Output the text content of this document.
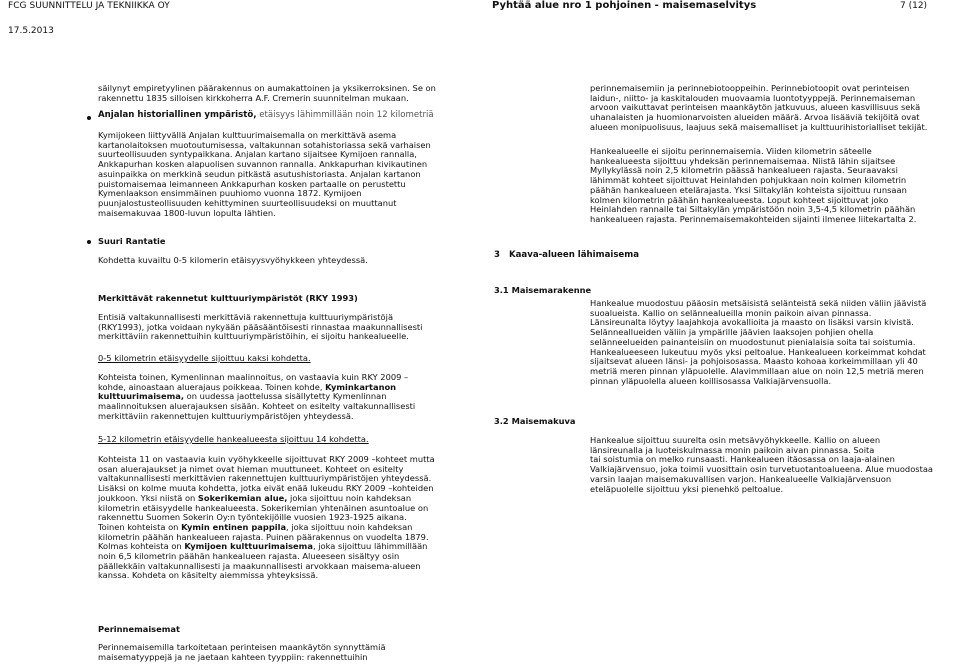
FCG SUUNNITTELU JA TEKNIIKKA OY	Pyhtää alue nro 1 pohjoinen - maisemaselvitys	7 (12)
17.5.2013
säilynyt empiretyylinen päärakennus on aumakattoinen ja yksikerroksinen. Se on
rakennettu 1835 silloisen kirkkoherra A.F. Cremerin suunnitelman mukaan.
Anjalan historiallinen ympäristö, etäisyys lähimmillään noin 12 kilometriä
Kymijokeen liittyvällä Anjalan kulttuurimaisemalla on merkittävä asema
kartanolaitoksen muotoutumisessa, valtakunnan sotahistoriassa sekä varhaisen
suurteollisuuden syntypaikkana. Anjalan kartano sijaitsee Kymijoen rannalla,
Ankkapurhan kosken alapuolisen suvannon rannalla. Ankkapurhan kivikautinen
asuinpaikka on merkkinä seudun pitkästä asutushistoriasta. Anjalan kartanon
puistomaisemaa leimanneen Ankkapurhan kosken partaalle on perustettu
Kymenlaakson ensimmäinen puuhiomo vuonna 1872. Kymijoen
puunjalostusteollisuuden kehittyminen suurteollisuudeksi on muuttanut
maisemakuvaa 1800-luvun lopulta lähtien.
Suuri Rantatie
Kohdetta kuvailtu 0-5 kilomerin etäisyysvyöhykkeen yhteydessä.
Merkittävät rakennetut kulttuuriympäristöt (RKY 1993)
Entisiä valtakunnallisesti merkittäviä rakennettuja kulttuuriympäristöjä
(RKY1993), jotka voidaan nykyään pääsääntöisesti rinnastaa maakunnallisesti
merkittäviin rakennettuihin kulttuuriympäristöihin, ei sijoitu hankealueelle.
0-5 kilometrin etäisyydelle sijoittuu kaksi kohdetta.
Kohteista toinen, Kymenlinnan maalinnoitus, on vastaavia kuin RKY 2009 –
kohde, ainoastaan aluerajaus poikkeaa. Toinen kohde, Kyminkartanon
kulttuurimaisema, on uudessa jaottelussa sisällytetty Kymenlinnan
maalinnoituksen aluerajauksen sisään. Kohteet on esitelty valtakunnallisesti
merkittäviin rakennettujen kulttuuriympäristöjen yhteydessä.
5-12 kilometrin etäisyydelle hankealueesta sijoittuu 14 kohdetta.
Kohteista 11 on vastaavia kuin vyöhykkeelle sijoittuvat RKY 2009 –kohteet mutta
osan aluerajaukset ja nimet ovat hieman muuttuneet. Kohteet on esitelty
valtakunnallisesti merkittävien rakennettujen kulttuuriympäristöjen yhteydessä.
Lisäksi on kolme muuta kohdetta, jotka eivät enää lukeudu RKY 2009 –kohteiden
joukkoon. Yksi niistä on Sokerikemian alue, joka sijoittuu noin kahdeksan
kilometrin etäisyydelle hankealueesta. Sokerikemian yhtenäinen asuntoalue on
rakennettu Suomen Sokerin Oy:n työntekijöille vuosien 1923-1925 aikana.
Toinen kohteista on Kymin entinen pappila, joka sijoittuu noin kahdeksan
kilometrin päähän hankealueen rajasta. Puinen päärakennus on vuodelta 1879.
Kolmas kohteista on Kymijoen kulttuurimaisema, joka sijoittuu lähimmillään
noin 6,5 kilometrin päähän hankealueen rajasta. Alueeseen sisältyy osin
päällekkäin valtakunnallisesti ja maakunnallisesti arvokkaan maisema-alueen
kanssa. Kohdeta on käsitelty aiemmissa yhteyksissä.
Perinnemaisemat
Perinnemaisemilla tarkoitetaan perinteisen maankäytön synnyttämiä
maisematyyppejä ja ne jaetaan kahteen tyyppiin: rakennettuihin
perinnemaisemiin ja perinnebiotooppeihin. Perinnebiotoopit ovat perinteisen
laidun-, niitto- ja kaskitalouden muovaamia luontotyyppejä. Perinnemaiseman
arvoon vaikuttavat perinteisen maankäytön jatkuvuus, alueen kasvillisuus sekä
uhanalaisten ja huomionarvoisten alueiden määrä. Arvoa lisääviä tekijöitä ovat
alueen monipuolisuus, laajuus sekä maisemalliset ja kulttuurihistorialliset tekijät.
Hankealueelle ei sijoitu perinnemaisemia. Viiden kilometrin säteelle
hankealueesta sijoittuu yhdeksän perinnemaisemaa. Niistä lähin sijaitsee
Myllykylässä noin 2,5 kilometrin päässä hankealueen rajasta. Seuraavaksi
lähimmät kohteet sijoittuvat Heinlahden pohjukkaan noin kolmen kilometrin
päähän hankealueen etelärajasta. Yksi Siltakylän kohteista sijoittuu runsaan
kolmen kilometrin päähän hankealueesta. Loput kohteet sijoittuvat joko
Heinlahden rannalle tai Siltakylän ympäristöön noin 3,5-4,5 kilometrin päähän
hankealueen rajasta. Perinnemaisemakohteiden sijainti ilmenee liitekartalta 2.
3   Kaava-alueen lähimaisema
3.1 Maisemarakenne
Hankealue muodostuu pääosin metsäisistä selänteistä sekä niiden väliin jäävistä
suoalueista. Kallio on selännealueilla monin paikoin aivan pinnassa.
Länsireunalta löytyy laajahkoja avokallioita ja maasto on lisäksi varsin kivistä.
Selänneallueiden väliin ja ympärille jäävien laaksojen pohjien ohella
selänneelueiden painanteisiin on muodostunut pienialaisia soita tai soistumia.
Hankealueeseen lukeutuu myös yksi peltoalue. Hankealueen korkeimmat kohdat
sijaitsevat alueen länsi- ja pohjoisosassa. Maasto kohoaa korkeimmillaan yli 40
metriä meren pinnan yläpuolelle. Alavimmillaan alue on noin 12,5 metriä meren
pinnan yläpuolella alueen koillisosassa Valkiajärvensuolla.
3.2 Maisemakuva
Hankealue sijoittuu suurelta osin metsävyöhykkeelle. Kallio on alueen
länsireunalla ja luoteiskulmassa monin paikoin aivan pinnassa. Soita
tai soistumia on melko runsaasti. Hankealueen itäosassa on laaja-alainen
Valkiajärvensuo, joka toimii vuosittain osin turvetuotantoalueena. Alue muodostaa
varsin laajan maisemakuvallisen varjon. Hankealueelle Valkiajärvensuon
eteläpuolelle sijoittuu yksi pienehkö peltoalue.
